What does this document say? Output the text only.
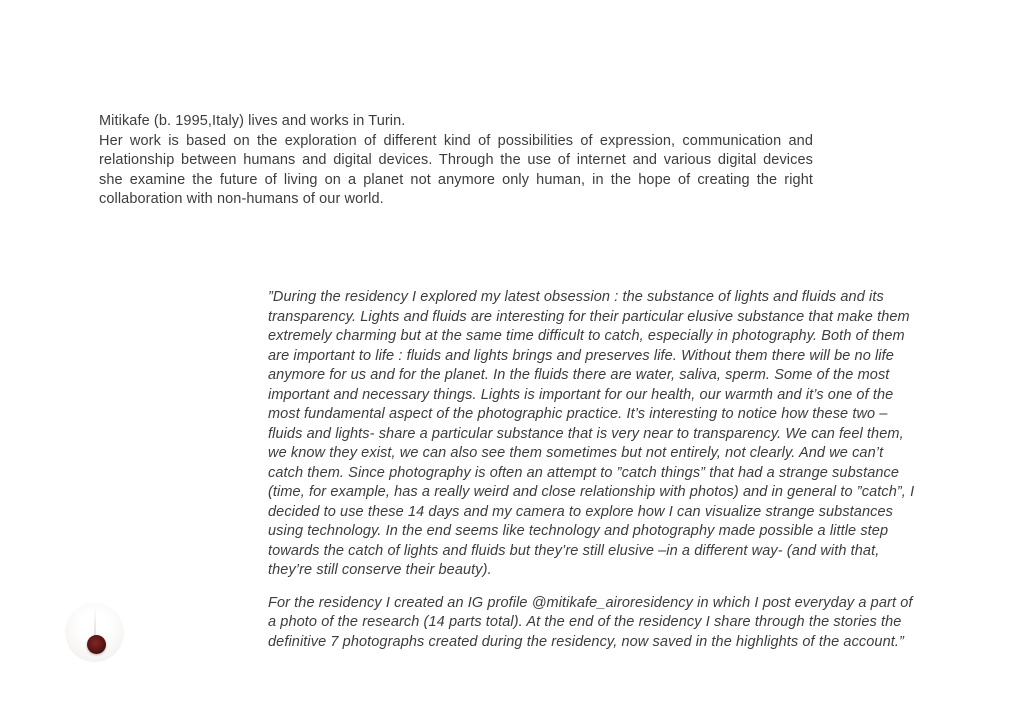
Mitikafe (b. 1995,Italy) lives and works in Turin.
Her work is based on the exploration of different kind of possibilities of expression, communication and
relationship between humans and digital devices. Through the use of internet and various digital devices
she examine the future of living on a planet not anymore only human, in the hope of creating the right
collaboration with non-humans of our world.
”During the residency I explored my latest obsession : the substance of lights and fluids and its
transparency. Lights and fluids are interesting for their particular elusive substance that make them
extremely charming but at the same time difficult to catch, especially in photography. Both of them
are important to life : fluids and lights brings and preserves life. Without them there will be no life
anymore for us and for the planet. In the fluids there are water, saliva, sperm. Some of the most
important and necessary things. Lights is important for our health, our warmth and it’s one of the
most fundamental aspect of the photographic practice. It’s interesting to notice how these two –
fluids and lights- share a particular substance that is very near to transparency. We can feel them,
we know they exist, we can also see them sometimes but not entirely, not clearly. And we can’t
catch them. Since photography is often an attempt to ”catch things” that had a strange substance
(time, for example, has a really weird and close relationship with photos) and in general to ”catch”, I
decided to use these 14 days and my camera to explore how I can visualize strange substances
using technology. In the end seems like technology and photography made possible a little step
towards the catch of lights and fluids but they’re still elusive –in a different way- (and with that,
they’re still conserve their beauty).
For the residency I created an IG profile @mitikafe_airoresidency in which I post everyday a part of
a photo of the research (14 parts total). At the end of the residency I share through the stories the
definitive 7 photographs created during the residency, now saved in the highlights of the account.”
